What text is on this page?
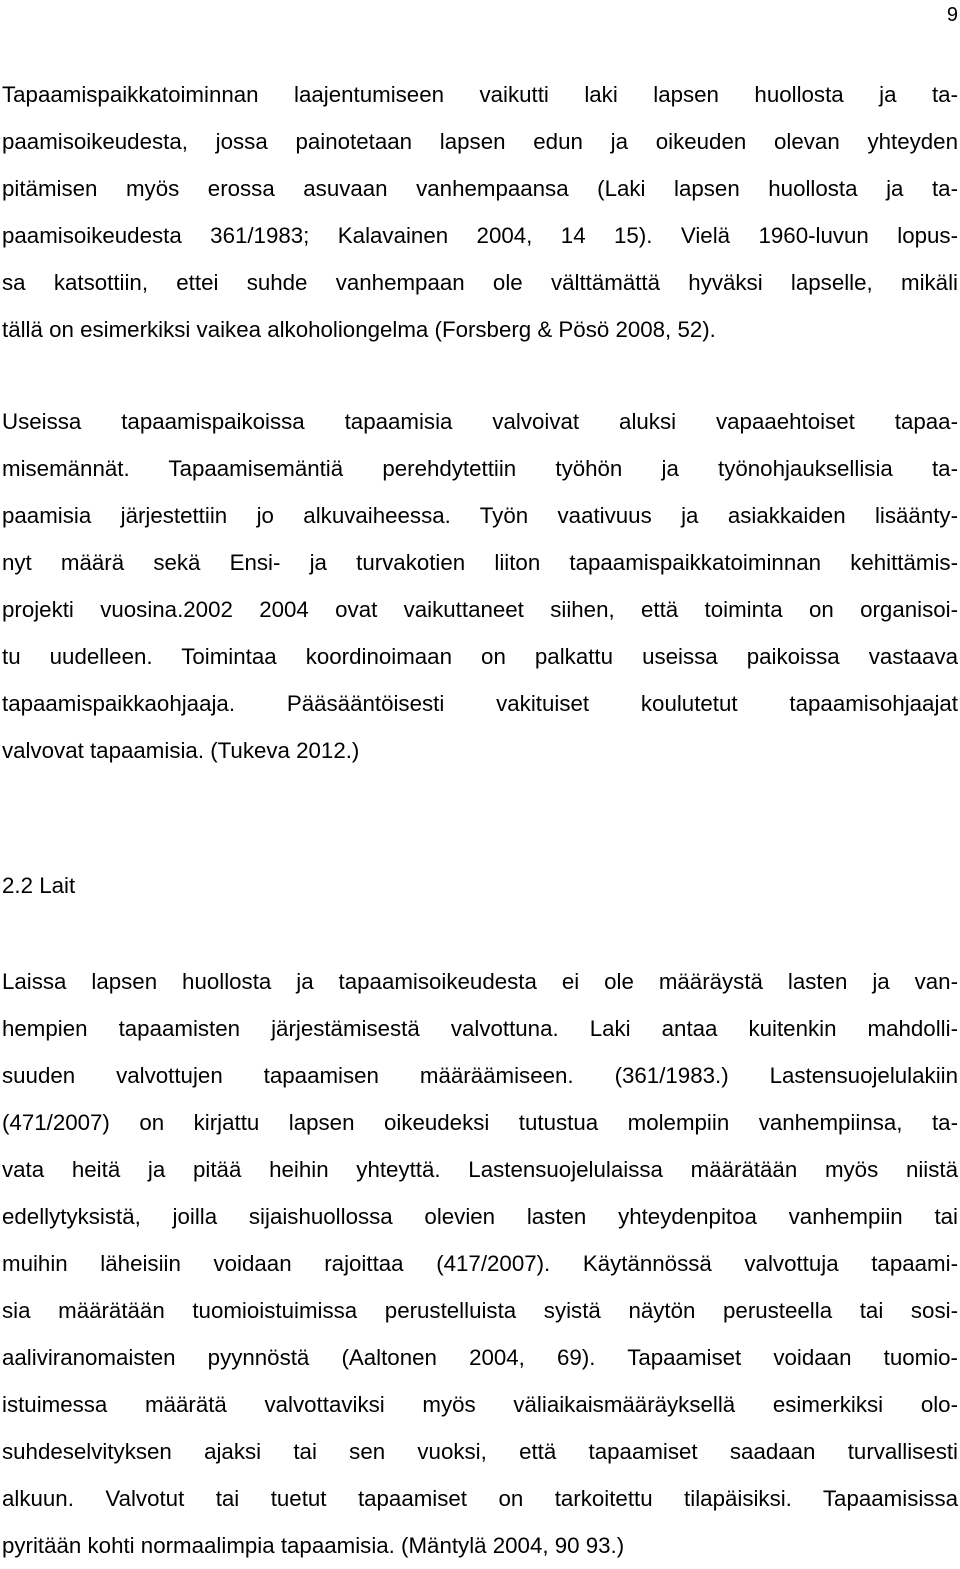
9

Tapaamispaikkatoiminnan laajentumiseen vaikutti laki lapsen huollosta ja ta-
paamisoikeudesta, jossa painotetaan lapsen edun ja oikeuden olevan yhteyden
pitämisen myös erossa asuvaan vanhempaansa (Laki lapsen huollosta ja ta-
paamisoikeudesta 361/1983; Kalavainen 2004, 14 15). Vielä 1960-luvun lopus-
sa katsottiin, ettei suhde vanhempaan ole välttämättä hyväksi lapselle, mikäli
tällä on esimerkiksi vaikea alkoholiongelma (Forsberg & Pösö 2008, 52).

Useissa tapaamispaikoissa tapaamisia valvoivat aluksi vapaaehtoiset tapaa-
misemännät. Tapaamisemäntiä perehdytettiin työhön ja työnohjauksellisia ta-
paamisia järjestettiin jo alkuvaiheessa. Työn vaativuus ja asiakkaiden lisäänty-
nyt määrä sekä Ensi- ja turvakotien liiton tapaamispaikkatoiminnan kehittämis-
projekti vuosina.2002 2004 ovat vaikuttaneet siihen, että toiminta on organisoi-
tu uudelleen. Toimintaa koordinoimaan on palkattu useissa paikoissa vastaava
tapaamispaikkaohjaaja. Pääsääntöisesti vakituiset koulutetut tapaamisohjaajat
valvovat tapaamisia. (Tukeva 2012.)

2.2 Lait

Laissa lapsen huollosta ja tapaamisoikeudesta ei ole määräystä lasten ja van-
hempien tapaamisten järjestämisestä valvottuna. Laki antaa kuitenkin mahdolli-
suuden valvottujen tapaamisen määräämiseen. (361/1983.) Lastensuojelulakiin
(471/2007) on kirjattu lapsen oikeudeksi tutustua molempiin vanhempiinsa, ta-
vata heitä ja pitää heihin yhteyttä. Lastensuojelulaissa määrätään myös niistä
edellytyksistä, joilla sijaishuollossa olevien lasten yhteydenpitoa vanhempiin tai
muihin läheisiin voidaan rajoittaa (417/2007). Käytännössä valvottuja tapaami-
sia määrätään tuomioistuimissa perustelluista syistä näytön perusteella tai sosi-
aaliviranomaisten pyynnöstä (Aaltonen 2004, 69). Tapaamiset voidaan tuomio-
istuimessa määrätä valvottaviksi myös väliaikaismääräyksellä esimerkiksi olo-
suhdeselvityksen ajaksi tai sen vuoksi, että tapaamiset saadaan turvallisesti
alkuun. Valvotut tai tuetut tapaamiset on tarkoitettu tilapäisiksi. Tapaamisissa
pyritään kohti normaalimpia tapaamisia. (Mäntylä 2004, 90 93.)
